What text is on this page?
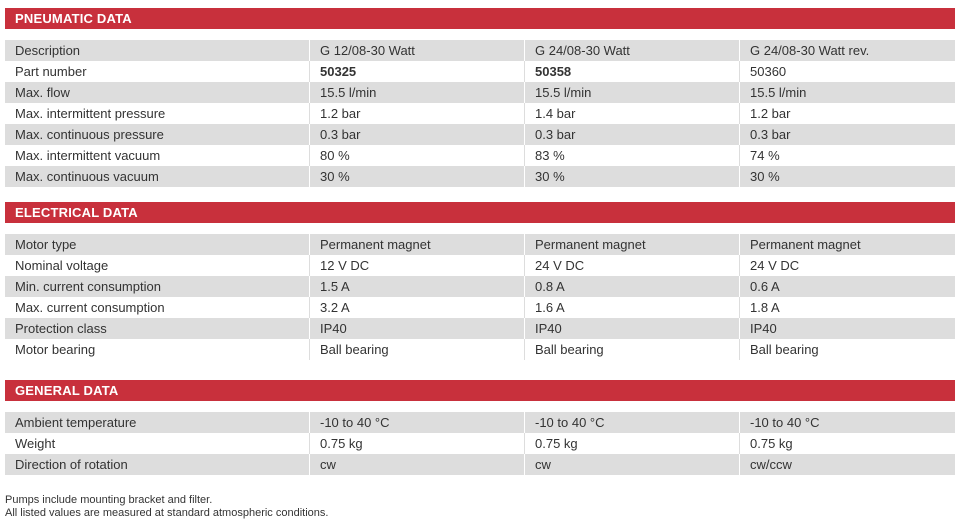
PNEUMATIC DATA
Description	G 12/08-30 Watt	G 24/08-30 Watt	G 24/08-30 Watt rev.
Part number	50325	50358	50360
Max. flow	15.5 l/min	15.5 l/min	15.5 l/min
Max. intermittent pressure	1.2 bar	1.4 bar	1.2 bar
Max. continuous pressure	0.3 bar	0.3 bar	0.3 bar
Max. intermittent vacuum	80 %	83 %	74 %
Max. continuous vacuum	30 %	30 %	30 %
ELECTRICAL DATA
Motor type	Permanent magnet	Permanent magnet	Permanent magnet
Nominal voltage	12 V DC	24 V DC	24 V DC
Min. current consumption	1.5 A	0.8 A	0.6 A
Max. current consumption	3.2 A	1.6 A	1.8 A
Protection class	IP40	IP40	IP40
Motor bearing	Ball bearing	Ball bearing	Ball bearing
GENERAL DATA
Ambient temperature	-10 to 40 °C	-10 to 40 °C	-10 to 40 °C
Weight	0.75 kg	0.75 kg	0.75 kg
Direction of rotation	cw	cw	cw/ccw
Pumps include mounting bracket and filter.
All listed values are measured at standard atmospheric conditions.
